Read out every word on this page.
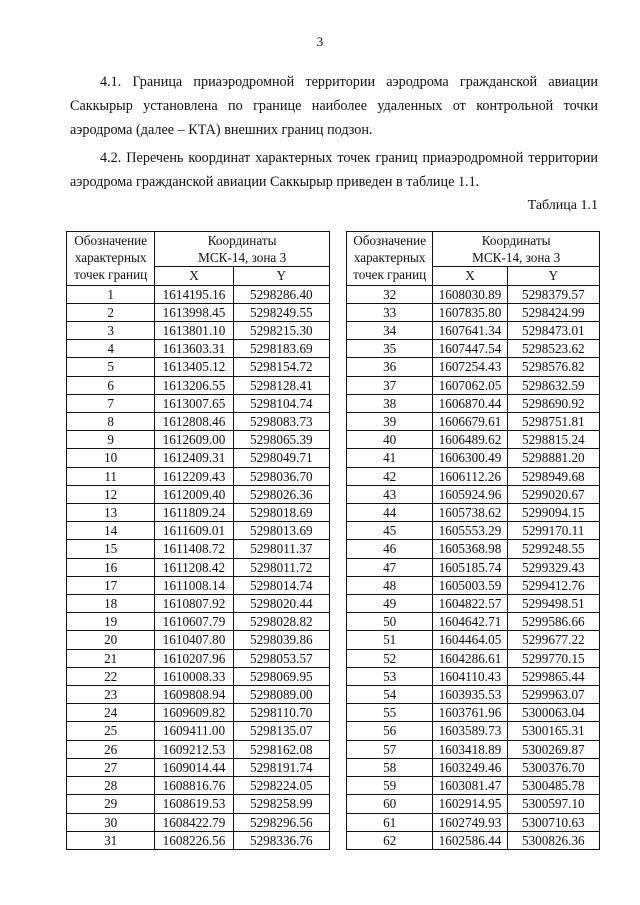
3
4.1. Граница приаэродромной территории аэродрома гражданской авиации Саккырыр установлена по границе наиболее удаленных от контрольной точки аэродрома (далее – КТА) внешних границ подзон.
4.2. Перечень координат характерных точек границ приаэродромной территории аэродрома гражданской авиации Саккырыр приведен в таблице 1.1.
Таблица 1.1
Обозначение
характерных
точек границ	Координаты	
	МСК-14, зона 3	
	X	Y
1	1614195.16	5298286.40
2	1613998.45	5298249.55
3	1613801.10	5298215.30
4	1613603.31	5298183.69
5	1613405.12	5298154.72
6	1613206.55	5298128.41
7	1613007.65	5298104.74
8	1612808.46	5298083.73
9	1612609.00	5298065.39
10	1612409.31	5298049.71
11	1612209.43	5298036.70
12	1612009.40	5298026.36
13	1611809.24	5298018.69
14	1611609.01	5298013.69
15	1611408.72	5298011.37
16	1611208.42	5298011.72
17	1611008.14	5298014.74
18	1610807.92	5298020.44
19	1610607.79	5298028.82
20	1610407.80	5298039.86
21	1610207.96	5298053.57
22	1610008.33	5298069.95
23	1609808.94	5298089.00
24	1609609.82	5298110.70
25	1609411.00	5298135.07
26	1609212.53	5298162.08
27	1609014.44	5298191.74
28	1608816.76	5298224.05
29	1608619.53	5298258.99
30	1608422.79	5298296.56
31	1608226.56	5298336.76
Обозначение
характерных
точек границ	Координаты	
	МСК-14, зона 3	
	X	Y
32	1608030.89	5298379.57
33	1607835.80	5298424.99
34	1607641.34	5298473.01
35	1607447.54	5298523.62
36	1607254.43	5298576.82
37	1607062.05	5298632.59
38	1606870.44	5298690.92
39	1606679.61	5298751.81
40	1606489.62	5298815.24
41	1606300.49	5298881.20
42	1606112.26	5298949.68
43	1605924.96	5299020.67
44	1605738.62	5299094.15
45	1605553.29	5299170.11
46	1605368.98	5299248.55
47	1605185.74	5299329.43
48	1605003.59	5299412.76
49	1604822.57	5299498.51
50	1604642.71	5299586.66
51	1604464.05	5299677.22
52	1604286.61	5299770.15
53	1604110.43	5299865.44
54	1603935.53	5299963.07
55	1603761.96	5300063.04
56	1603589.73	5300165.31
57	1603418.89	5300269.87
58	1603249.46	5300376.70
59	1603081.47	5300485.78
60	1602914.95	5300597.10
61	1602749.93	5300710.63
62	1602586.44	5300826.36
